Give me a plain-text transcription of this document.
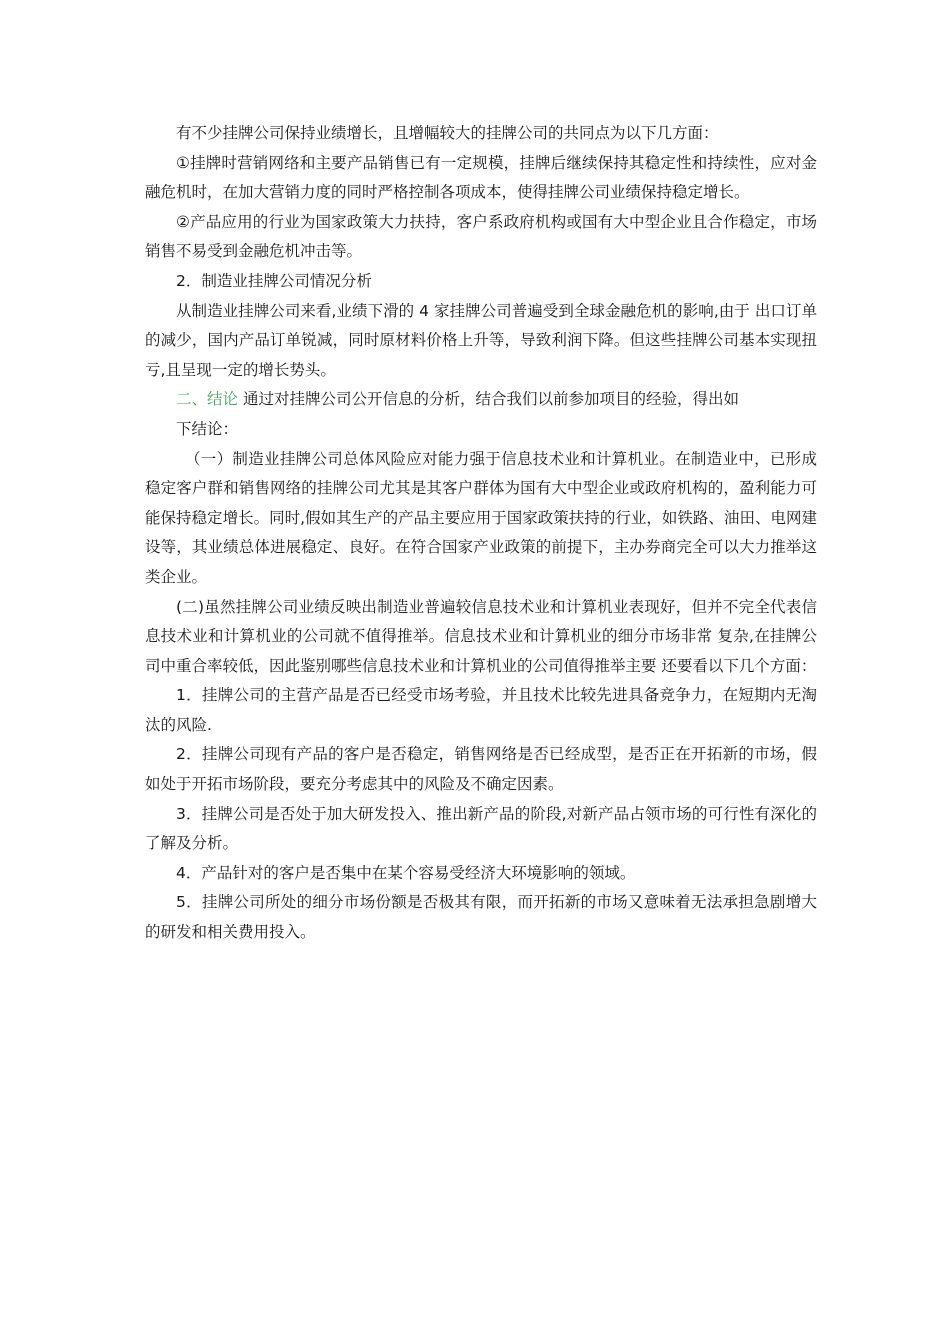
有不少挂牌公司保持业绩增长，且增幅较大的挂牌公司的共同点为以下几方面：

①挂牌时营销网络和主要产品销售已有一定规模，挂牌后继续保持其稳定性和持续性，应对金融危机时，在加大营销力度的同时严格控制各项成本，使得挂牌公司业绩保持稳定增长。

②产品应用的行业为国家政策大力扶持，客户系政府机构或国有大中型企业且合作稳定，市场销售不易受到金融危机冲击等。

2．制造业挂牌公司情况分析

从制造业挂牌公司来看,业绩下滑的 4 家挂牌公司普遍受到全球金融危机的影响,由于 出口订单的减少，国内产品订单锐减，同时原材料价格上升等，导致利润下降。但这些挂牌公司基本实现扭亏,且呈现一定的增长势头。

二、结论 通过对挂牌公司公开信息的分析，结合我们以前参加项目的经验，得出如

下结论：

（一）制造业挂牌公司总体风险应对能力强于信息技术业和计算机业。在制造业中，已形成稳定客户群和销售网络的挂牌公司尤其是其客户群体为国有大中型企业或政府机构的，盈利能力可能保持稳定增长。同时,假如其生产的产品主要应用于国家政策扶持的行业，如铁路、油田、电网建设等，其业绩总体进展稳定、良好。在符合国家产业政策的前提下，主办券商完全可以大力推举这类企业。

(二)虽然挂牌公司业绩反映出制造业普遍较信息技术业和计算机业表现好，但并不完全代表信息技术业和计算机业的公司就不值得推举。信息技术业和计算机业的细分市场非常 复杂,在挂牌公司中重合率较低，因此鉴别哪些信息技术业和计算机业的公司值得推举主要 还要看以下几个方面：

1．挂牌公司的主营产品是否已经受市场考验，并且技术比较先进具备竞争力，在短期内无淘汰的风险.

2．挂牌公司现有产品的客户是否稳定，销售网络是否已经成型，是否正在开拓新的市场，假如处于开拓市场阶段，要充分考虑其中的风险及不确定因素。

3．挂牌公司是否处于加大研发投入、推出新产品的阶段,对新产品占领市场的可行性有深化的了解及分析。

4．产品针对的客户是否集中在某个容易受经济大环境影响的领域。

5．挂牌公司所处的细分市场份额是否极其有限，而开拓新的市场又意味着无法承担急剧增大的研发和相关费用投入。
